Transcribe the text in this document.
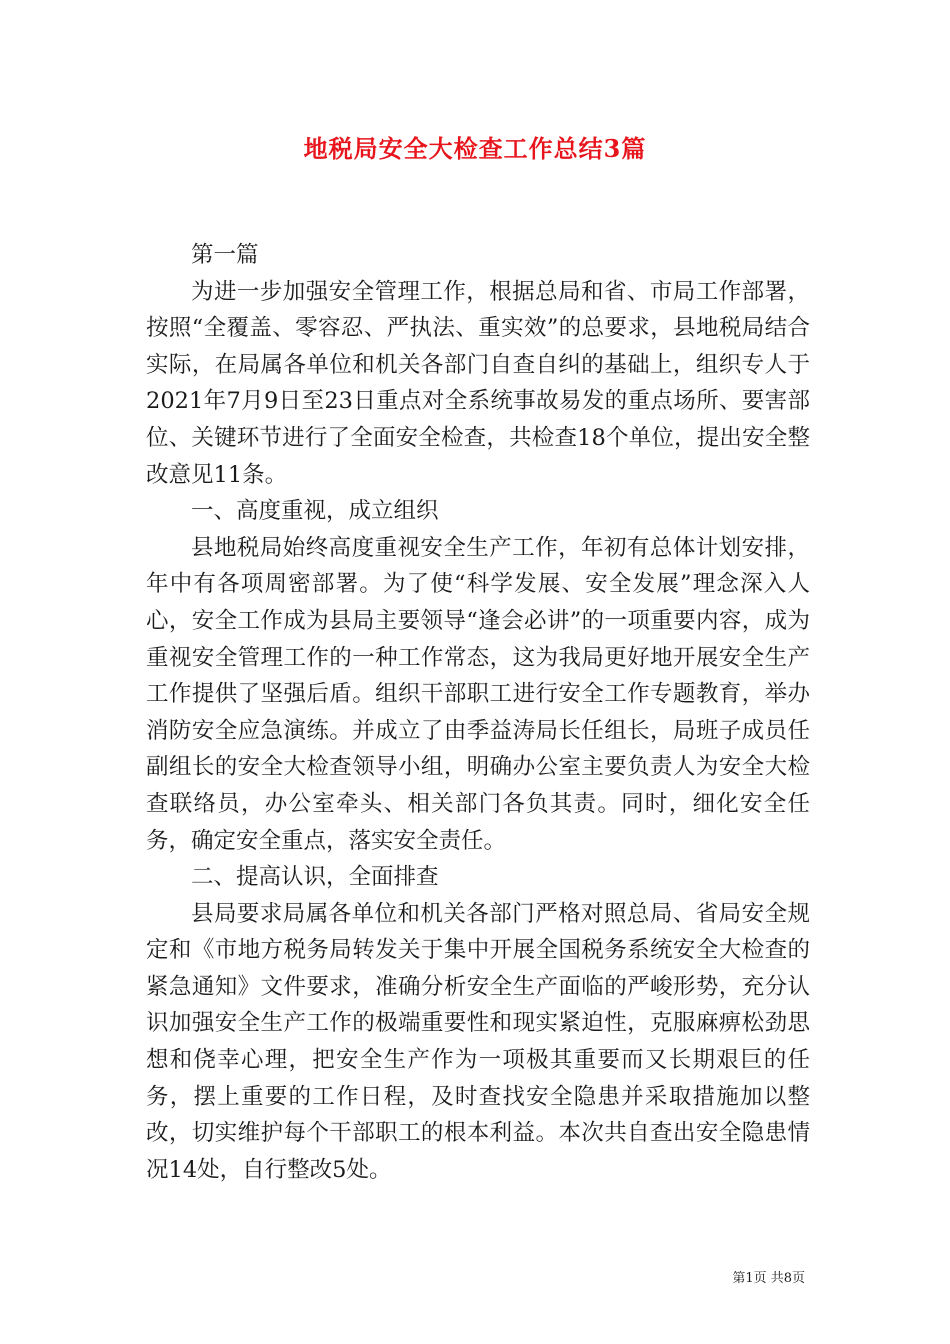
地税局安全大检查工作总结3篇

第一篇

为进一步加强安全管理工作，根据总局和省、市局工作部署，按照“全覆盖、零容忍、严执法、重实效”的总要求，县地税局结合实际，在局属各单位和机关各部门自查自纠的基础上，组织专人于2021年7月9日至23日重点对全系统事故易发的重点场所、要害部位、关键环节进行了全面安全检查，共检查18个单位，提出安全整改意见11条。

一、高度重视，成立组织

县地税局始终高度重视安全生产工作，年初有总体计划安排，年中有各项周密部署。为了使“科学发展、安全发展”理念深入人心，安全工作成为县局主要领导“逢会必讲”的一项重要内容，成为重视安全管理工作的一种工作常态，这为我局更好地开展安全生产工作提供了坚强后盾。组织干部职工进行安全工作专题教育，举办消防安全应急演练。并成立了由季益涛局长任组长，局班子成员任副组长的安全大检查领导小组，明确办公室主要负责人为安全大检查联络员，办公室牵头、相关部门各负其责。同时，细化安全任务，确定安全重点，落实安全责任。

二、提高认识，全面排查

县局要求局属各单位和机关各部门严格对照总局、省局安全规定和《市地方税务局转发关于集中开展全国税务系统安全大检查的紧急通知》文件要求，准确分析安全生产面临的严峻形势，充分认识加强安全生产工作的极端重要性和现实紧迫性，克服麻痹松劲思想和侥幸心理，把安全生产作为一项极其重要而又长期艰巨的任务，摆上重要的工作日程，及时查找安全隐患并采取措施加以整改，切实维护每个干部职工的根本利益。本次共自查出安全隐患情况14处，自行整改5处。

第1页 共8页
